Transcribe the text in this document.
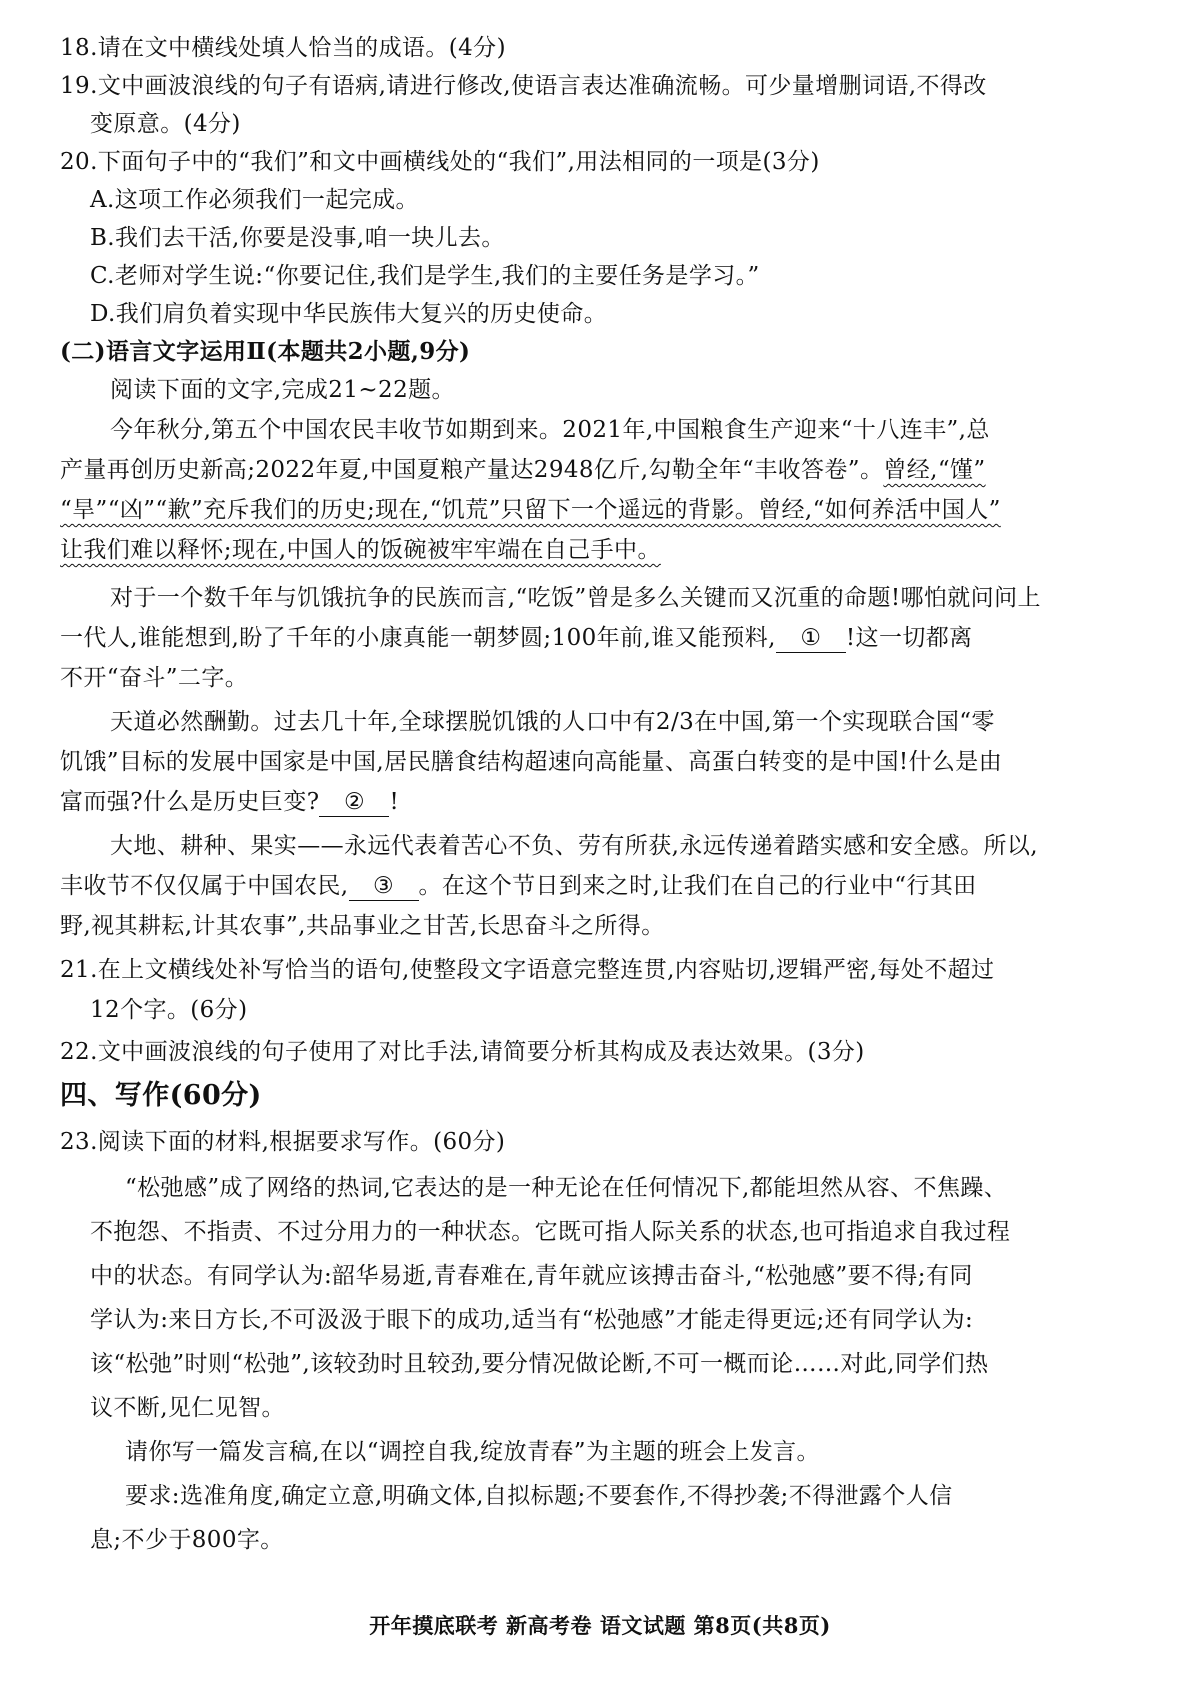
18.请在文中横线处填人恰当的成语。(4分)
19.文中画波浪线的句子有语病,请进行修改,使语言表达准确流畅。可少量增删词语,不得改
变原意。(4分)
20.下面句子中的“我们”和文中画横线处的“我们”,用法相同的一项是(3分)
A.这项工作必须我们一起完成。
B.我们去干活,你要是没事,咱一块儿去。
C.老师对学生说:“你要记住,我们是学生,我们的主要任务是学习。”
D.我们肩负着实现中华民族伟大复兴的历史使命。
(二)语言文字运用Ⅱ(本题共2小题,9分)
阅读下面的文字,完成21~22题。
今年秋分,第五个中国农民丰收节如期到来。2021年,中国粮食生产迎来“十八连丰”,总
产量再创历史新高;2022年夏,中国夏粮产量达2948亿斤,勾勒全年“丰收答卷”。曾经,“馑”
“旱”“凶”“歉”充斥我们的历史;现在,“饥荒”只留下一个遥远的背影。曾经,“如何养活中国人”
让我们难以释怀;现在,中国人的饭碗被牢牢端在自己手中。
对于一个数千年与饥饿抗争的民族而言,“吃饭”曾是多么关键而又沉重的命题!哪怕就问问上
一代人,谁能想到,盼了千年的小康真能一朝梦圆;100年前,谁又能预料, ① !这一切都离
不开“奋斗”二字。
天道必然酬勤。过去几十年,全球摆脱饥饿的人口中有2/3在中国,第一个实现联合国“零
饥饿”目标的发展中国家是中国,居民膳食结构超速向高能量、高蛋白转变的是中国!什么是由
富而强?什么是历史巨变? ② !
大地、耕种、果实——永远代表着苦心不负、劳有所获,永远传递着踏实感和安全感。所以,
丰收节不仅仅属于中国农民, ③ 。在这个节日到来之时,让我们在自己的行业中“行其田
野,视其耕耘,计其农事”,共品事业之甘苦,长思奋斗之所得。
21.在上文横线处补写恰当的语句,使整段文字语意完整连贯,内容贴切,逻辑严密,每处不超过
12个字。(6分)
22.文中画波浪线的句子使用了对比手法,请简要分析其构成及表达效果。(3分)
四、写作(60分)
23.阅读下面的材料,根据要求写作。(60分)
“松弛感”成了网络的热词,它表达的是一种无论在任何情况下,都能坦然从容、不焦躁、
不抱怨、不指责、不过分用力的一种状态。它既可指人际关系的状态,也可指追求自我过程
中的状态。有同学认为:韶华易逝,青春难在,青年就应该搏击奋斗,“松弛感”要不得;有同
学认为:来日方长,不可汲汲于眼下的成功,适当有“松弛感”才能走得更远;还有同学认为:
该“松弛”时则“松弛”,该较劲时且较劲,要分情况做论断,不可一概而论……对此,同学们热
议不断,见仁见智。
请你写一篇发言稿,在以“调控自我,绽放青春”为主题的班会上发言。
要求:选准角度,确定立意,明确文体,自拟标题;不要套作,不得抄袭;不得泄露个人信
息;不少于800字。
开年摸底联考 新高考卷 语文试题 第8页(共8页)
